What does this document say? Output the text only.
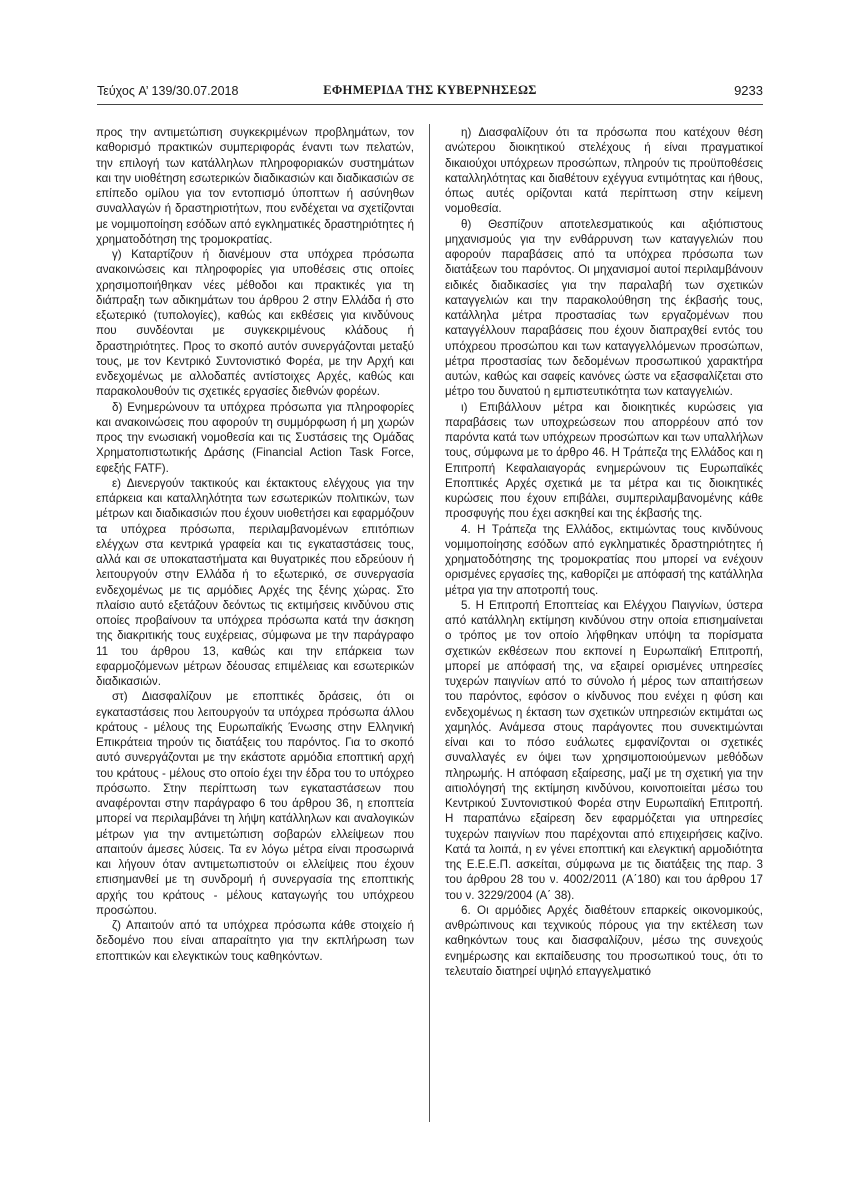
Τεύχος A’ 139/30.07.2018	ΕΦΗΜΕΡΙΔΑ ΤΗΣ ΚΥΒΕΡΝΗΣΕΩΣ	9233

προς την αντιμετώπιση συγκεκριμένων προβλημάτων, τον καθορισμό πρακτικών συμπεριφοράς έναντι των πελατών, την επιλογή των κατάλληλων πληροφοριακών συστημάτων και την υιοθέτηση εσωτερικών διαδικασιών και διαδικασιών σε επίπεδο ομίλου για τον εντοπισμό ύποπτων ή ασύνηθων συναλλαγών ή δραστηριοτήτων, που ενδέχεται να σχετίζονται με νομιμοποίηση εσόδων από εγκληματικές δραστηριότητες ή χρηματοδότηση της τρομοκρατίας.

γ) Καταρτίζουν ή διανέμουν στα υπόχρεα πρόσωπα ανακοινώσεις και πληροφορίες για υποθέσεις στις οποίες χρησιμοποιήθηκαν νέες μέθοδοι και πρακτικές για τη διάπραξη των αδικημάτων του άρθρου 2 στην Ελλάδα ή στο εξωτερικό (τυπολογίες), καθώς και εκθέσεις για κινδύνους που συνδέονται με συγκεκριμένους κλάδους ή δραστηριότητες. Προς το σκοπό αυτόν συνεργάζονται μεταξύ τους, με τον Κεντρικό Συντονιστικό Φορέα, με την Αρχή και ενδεχομένως με αλλοδαπές αντίστοιχες Αρχές, καθώς και παρακολουθούν τις σχετικές εργασίες διεθνών φορέων.

δ) Ενημερώνουν τα υπόχρεα πρόσωπα για πληροφορίες και ανακοινώσεις που αφορούν τη συμμόρφωση ή μη χωρών προς την ενωσιακή νομοθεσία και τις Συστάσεις της Ομάδας Χρηματοπιστωτικής Δράσης (Financial Action Task Force, εφεξής FATF).

ε) Διενεργούν τακτικούς και έκτακτους ελέγχους για την επάρκεια και καταλληλότητα των εσωτερικών πολιτικών, των μέτρων και διαδικασιών που έχουν υιοθετήσει και εφαρμόζουν τα υπόχρεα πρόσωπα, περιλαμβανομένων επιτόπιων ελέγχων στα κεντρικά γραφεία και τις εγκαταστάσεις τους, αλλά και σε υποκαταστήματα και θυγατρικές που εδρεύουν ή λειτουργούν στην Ελλάδα ή το εξωτερικό, σε συνεργασία ενδεχομένως με τις αρμόδιες Αρχές της ξένης χώρας. Στο πλαίσιο αυτό εξετάζουν δεόντως τις εκτιμήσεις κινδύνου στις οποίες προβαίνουν τα υπόχρεα πρόσωπα κατά την άσκηση της διακριτικής τους ευχέρειας, σύμφωνα με την παράγραφο 11 του άρθρου 13, καθώς και την επάρκεια των εφαρμοζόμενων μέτρων δέουσας επιμέλειας και εσωτερικών διαδικασιών.

στ) Διασφαλίζουν με εποπτικές δράσεις, ότι οι εγκαταστάσεις που λειτουργούν τα υπόχρεα πρόσωπα άλλου κράτους - μέλους της Ευρωπαϊκής Ένωσης στην Ελληνική Επικράτεια τηρούν τις διατάξεις του παρόντος. Για το σκοπό αυτό συνεργάζονται με την εκάστοτε αρμόδια εποπτική αρχή του κράτους - μέλους στο οποίο έχει την έδρα του το υπόχρεο πρόσωπο. Στην περίπτωση των εγκαταστάσεων που αναφέρονται στην παράγραφο 6 του άρθρου 36, η εποπτεία μπορεί να περιλαμβάνει τη λήψη κατάλληλων και αναλογικών μέτρων για την αντιμετώπιση σοβαρών ελλείψεων που απαιτούν άμεσες λύσεις. Τα εν λόγω μέτρα είναι προσωρινά και λήγουν όταν αντιμετωπιστούν οι ελλείψεις που έχουν επισημανθεί με τη συνδρομή ή συνεργασία της εποπτικής αρχής του κράτους - μέλους καταγωγής του υπόχρεου προσώπου.

ζ) Απαιτούν από τα υπόχρεα πρόσωπα κάθε στοιχείο ή δεδομένο που είναι απαραίτητο για την εκπλήρωση των εποπτικών και ελεγκτικών τους καθηκόντων.

η) Διασφαλίζουν ότι τα πρόσωπα που κατέχουν θέση ανώτερου διοικητικού στελέχους ή είναι πραγματικοί δικαιούχοι υπόχρεων προσώπων, πληρούν τις προϋποθέσεις καταλληλότητας και διαθέτουν εχέγγυα εντιμότητας και ήθους, όπως αυτές ορίζονται κατά περίπτωση στην κείμενη νομοθεσία.

θ) Θεσπίζουν αποτελεσματικούς και αξιόπιστους μηχανισμούς για την ενθάρρυνση των καταγγελιών που αφορούν παραβάσεις από τα υπόχρεα πρόσωπα των διατάξεων του παρόντος. Οι μηχανισμοί αυτοί περιλαμβάνουν ειδικές διαδικασίες για την παραλαβή των σχετικών καταγγελιών και την παρακολούθηση της έκβασής τους, κατάλληλα μέτρα προστασίας των εργαζομένων που καταγγέλλουν παραβάσεις που έχουν διαπραχθεί εντός του υπόχρεου προσώπου και των καταγγελλόμενων προσώπων, μέτρα προστασίας των δεδομένων προσωπικού χαρακτήρα αυτών, καθώς και σαφείς κανόνες ώστε να εξασφαλίζεται στο μέτρο του δυνατού η εμπιστευτικότητα των καταγγελιών.

ι) Επιβάλλουν μέτρα και διοικητικές κυρώσεις για παραβάσεις των υποχρεώσεων που απορρέουν από τον παρόντα κατά των υπόχρεων προσώπων και των υπαλλήλων τους, σύμφωνα με το άρθρο 46. Η Τράπεζα της Ελλάδος και η Επιτροπή Κεφαλαιαγοράς ενημερώνουν τις Ευρωπαϊκές Εποπτικές Αρχές σχετικά με τα μέτρα και τις διοικητικές κυρώσεις που έχουν επιβάλει, συμπεριλαμβανομένης κάθε προσφυγής που έχει ασκηθεί και της έκβασής της.

4. Η Τράπεζα της Ελλάδος, εκτιμώντας τους κινδύνους νομιμοποίησης εσόδων από εγκληματικές δραστηριότητες ή χρηματοδότησης της τρομοκρατίας που μπορεί να ενέχουν ορισμένες εργασίες της, καθορίζει με απόφασή της κατάλληλα μέτρα για την αποτροπή τους.

5. Η Επιτροπή Εποπτείας και Ελέγχου Παιγνίων, ύστερα από κατάλληλη εκτίμηση κινδύνου στην οποία επισημαίνεται ο τρόπος με τον οποίο λήφθηκαν υπόψη τα πορίσματα σχετικών εκθέσεων που εκπονεί η Ευρωπαϊκή Επιτροπή, μπορεί με απόφασή της, να εξαιρεί ορισμένες υπηρεσίες τυχερών παιγνίων από το σύνολο ή μέρος των απαιτήσεων του παρόντος, εφόσον ο κίνδυνος που ενέχει η φύση και ενδεχομένως η έκταση των σχετικών υπηρεσιών εκτιμάται ως χαμηλός. Ανάμεσα στους παράγοντες που συνεκτιμώνται είναι και το πόσο ευάλωτες εμφανίζονται οι σχετικές συναλλαγές εν όψει των χρησιμοποιούμενων μεθόδων πληρωμής. Η απόφαση εξαίρεσης, μαζί με τη σχετική για την αιτιολόγησή της εκτίμηση κινδύνου, κοινοποιείται μέσω του Κεντρικού Συντονιστικού Φορέα στην Ευρωπαϊκή Επιτροπή. Η παραπάνω εξαίρεση δεν εφαρμόζεται για υπηρεσίες τυχερών παιγνίων που παρέχονται από επιχειρήσεις καζίνο. Κατά τα λοιπά, η εν γένει εποπτική και ελεγκτική αρμοδιότητα της Ε.Ε.Ε.Π. ασκείται, σύμφωνα με τις διατάξεις της παρ. 3 του άρθρου 28 του ν. 4002/2011 (Α΄180) και του άρθρου 17 του ν. 3229/2004 (Α΄ 38).

6. Οι αρμόδιες Αρχές διαθέτουν επαρκείς οικονομικούς, ανθρώπινους και τεχνικούς πόρους για την εκτέλεση των καθηκόντων τους και διασφαλίζουν, μέσω της συνεχούς ενημέρωσης και εκπαίδευσης του προσωπικού τους, ότι το τελευταίο διατηρεί υψηλό επαγγελματικό
